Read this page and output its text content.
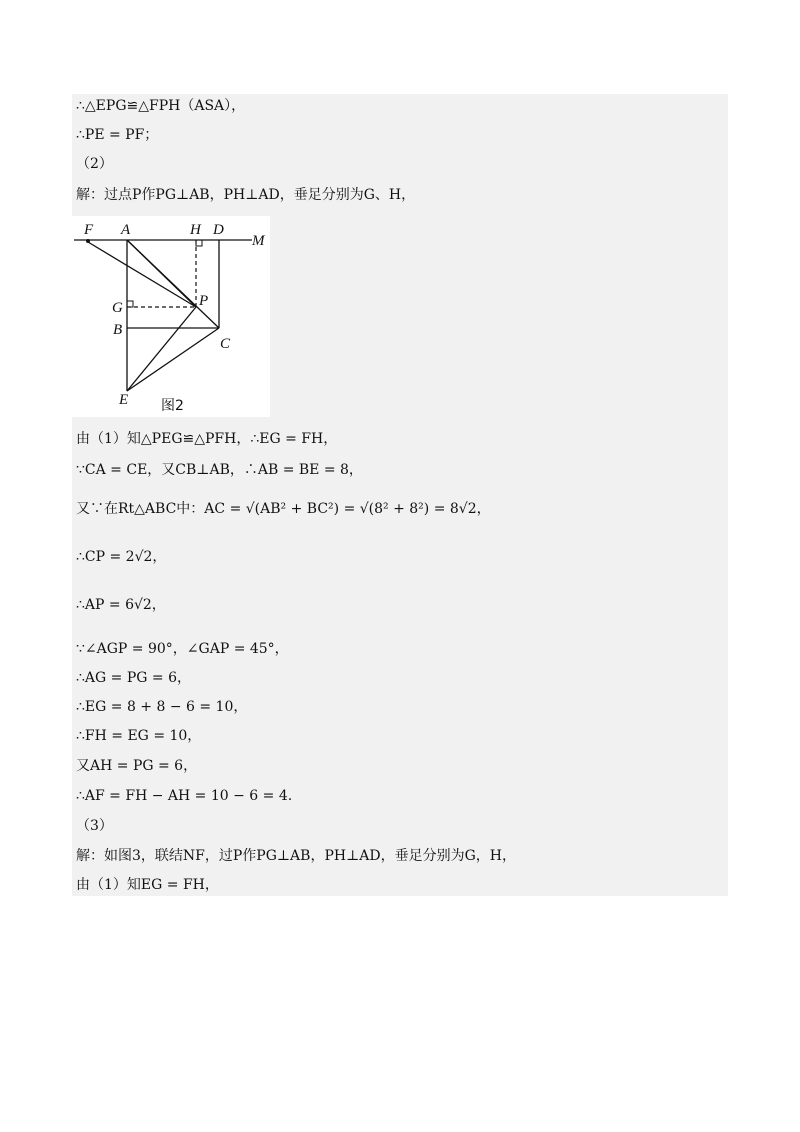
∴△EPG≌△FPH（ASA），
∴PE = PF；
（2）
解：过点P作PG⊥AB，PH⊥AD，垂足分别为G、H，
F A	H D
M
G	P
B
C
E 图2
由（1）知△PEG≌△PFH，∴EG = FH，
∵CA = CE，又CB⊥AB，∴AB = BE = 8，
又∵在Rt△ABC中：AC = √(AB² + BC²) = √(8² + 8²) = 8√2，
∴CP = 2√2，
∴AP = 6√2，
∵∠AGP = 90°，∠GAP = 45°，
∴AG = PG = 6，
∴EG = 8 + 8 − 6 = 10，
∴FH = EG = 10，
又AH = PG = 6，
∴AF = FH − AH = 10 − 6 = 4.
（3）
解：如图3，联结NF，过P作PG⊥AB，PH⊥AD，垂足分别为G，H，
由（1）知EG = FH，
